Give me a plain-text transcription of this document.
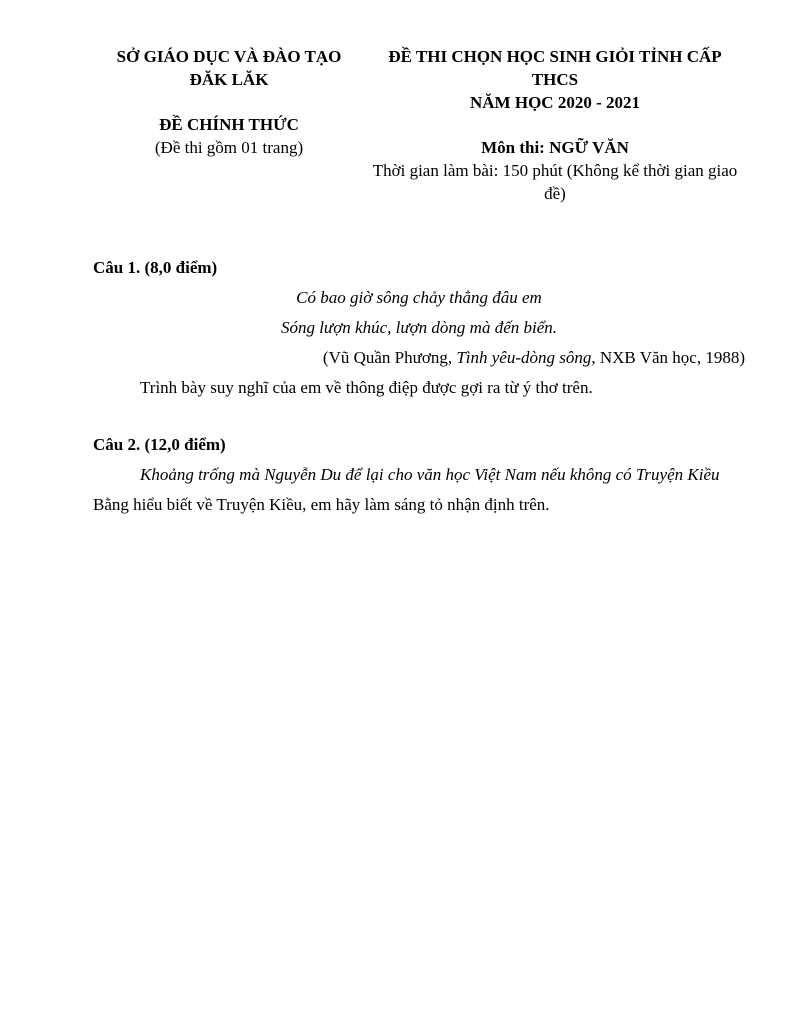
SỞ GIÁO DỤC VÀ ĐÀO TẠO
ĐĂK LĂK
ĐỀ CHÍNH THỨC
(Đề thi gồm 01 trang)
ĐỀ THI CHỌN HỌC SINH GIỎI TỈNH CẤP THCS
NĂM HỌC 2020 - 2021
Môn thi: NGỮ VĂN
Thời gian làm bài: 150 phút (Không kể thời gian giao đề)
Câu 1. (8,0 điểm)
Có bao giờ sông chảy thẳng đâu em
Sóng lượn khúc, lượn dòng mà đến biển.
(Vũ Quần Phương, Tình yêu-dòng sông, NXB Văn học, 1988)
Trình bày suy nghĩ của em về thông điệp được gợi ra từ ý thơ trên.
Câu 2. (12,0 điểm)
Khoảng trống mà Nguyễn Du để lại cho văn học Việt Nam nếu không có Truyện Kiều
Bằng hiểu biết về Truyện Kiều, em hãy làm sáng tỏ nhận định trên.
